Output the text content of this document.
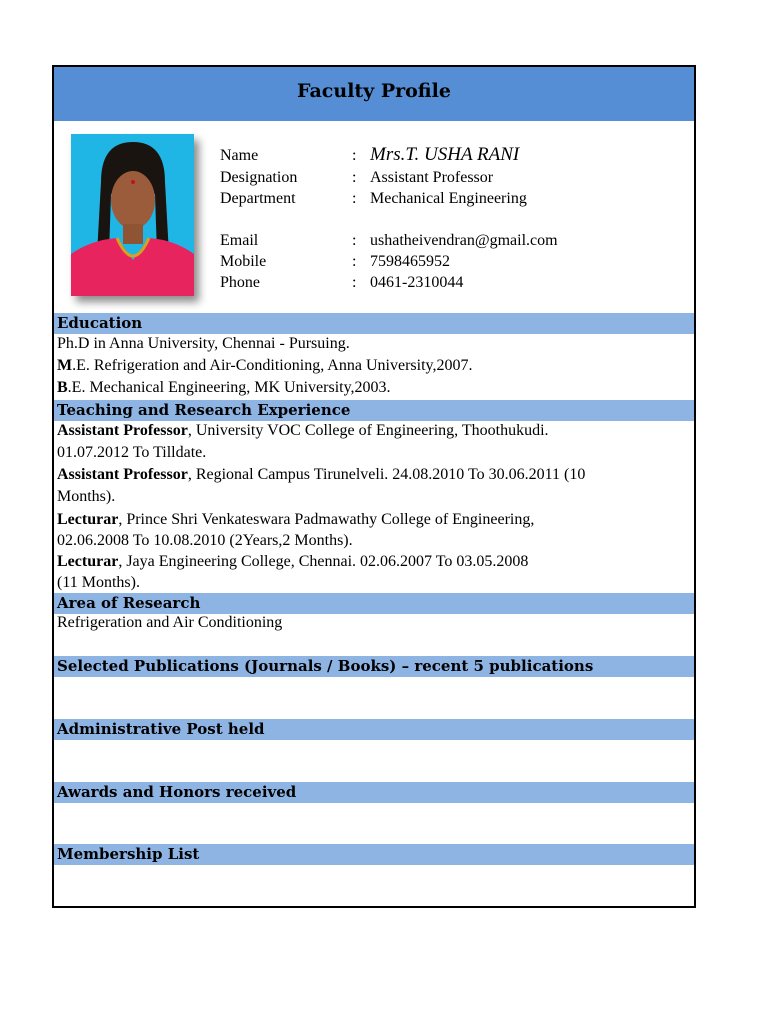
Faculty Profile
Name	: Mrs.T. USHA RANI
Designation	: Assistant Professor
Department	: Mechanical Engineering
Email	: ushatheivendran@gmail.com
Mobile	: 7598465952
Phone	: 0461-2310044
Education
Ph.D in Anna University, Chennai - Pursuing.
M.E. Refrigeration and Air-Conditioning, Anna University,2007.
B.E. Mechanical Engineering, MK University,2003.
Teaching and Research Experience
Assistant Professor, University VOC College of Engineering, Thoothukudi.
01.07.2012 To Tilldate.
Assistant Professor, Regional Campus Tirunelveli. 24.08.2010 To 30.06.2011 (10
Months).
Lecturar, Prince Shri Venkateswara Padmawathy College of Engineering,
02.06.2008 To 10.08.2010 (2Years,2 Months).
Lecturar, Jaya Engineering College, Chennai. 02.06.2007 To 03.05.2008
(11 Months).
Area of Research
Refrigeration and Air Conditioning
Selected Publications (Journals / Books) – recent 5 publications
Administrative Post held
Awards and Honors received
Membership List
